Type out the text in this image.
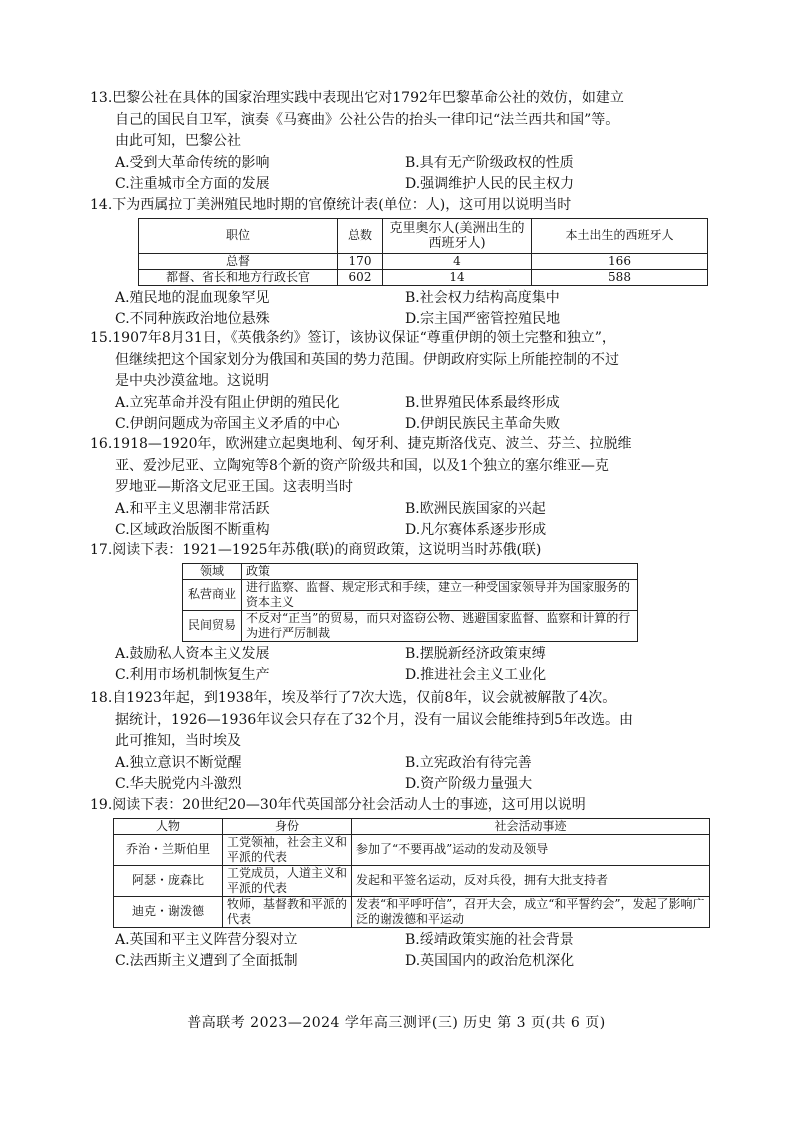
13.巴黎公社在具体的国家治理实践中表现出它对1792年巴黎革命公社的效仿，如建立
自己的国民自卫军，演奏《马赛曲》公社公告的抬头一律印记“法兰西共和国”等。
由此可知，巴黎公社
A.受到大革命传统的影响	B.具有无产阶级政权的性质
C.注重城市全方面的发展	D.强调维护人民的民主权力
14.下为西属拉丁美洲殖民地时期的官僚统计表(单位：人)，这可用以说明当时
职位	总数	克里奥尔人(美洲出生的西班牙人)	本土出生的西班牙人
总督	170	4	166
都督、省长和地方行政长官	602	14	588
A.殖民地的混血现象罕见	B.社会权力结构高度集中
C.不同种族政治地位悬殊	D.宗主国严密管控殖民地
15.1907年8月31日，《英俄条约》签订，该协议保证“尊重伊朗的领土完整和独立”，
但继续把这个国家划分为俄国和英国的势力范围。伊朗政府实际上所能控制的不过
是中央沙漠盆地。这说明
A.立宪革命并没有阻止伊朗的殖民化	B.世界殖民体系最终形成
C.伊朗问题成为帝国主义矛盾的中心	D.伊朗民族民主革命失败
16.1918—1920年，欧洲建立起奥地利、匈牙利、捷克斯洛伐克、波兰、芬兰、拉脱维
亚、爱沙尼亚、立陶宛等8个新的资产阶级共和国，以及1个独立的塞尔维亚—克
罗地亚—斯洛文尼亚王国。这表明当时
A.和平主义思潮非常活跃	B.欧洲民族国家的兴起
C.区域政治版图不断重构	D.凡尔赛体系逐步形成
17.阅读下表：1921—1925年苏俄(联)的商贸政策，这说明当时苏俄(联)
领域	政策
私营商业	进行监察、监督、规定形式和手续，建立一种受国家领导并为国家服务的资本主义
民间贸易	不反对“正当”的贸易，而只对盗窃公物、逃避国家监督、监察和计算的行为进行严厉制裁
A.鼓励私人资本主义发展	B.摆脱新经济政策束缚
C.利用市场机制恢复生产	D.推进社会主义工业化
18.自1923年起，到1938年，埃及举行了7次大选，仅前8年，议会就被解散了4次。
据统计，1926—1936年议会只存在了32个月，没有一届议会能维持到5年改选。由
此可推知，当时埃及
A.独立意识不断觉醒	B.立宪政治有待完善
C.华夫脱党内斗激烈	D.资产阶级力量强大
19.阅读下表：20世纪20—30年代英国部分社会活动人士的事迹，这可用以说明
人物	身份	社会活动事迹
乔治・兰斯伯里	工党领袖，社会主义和平派的代表	参加了“不要再战”运动的发动及领导
阿瑟・庞森比	工党成员，人道主义和平派的代表	发起和平签名运动，反对兵役，拥有大批支持者
迪克・谢泼德	牧师，基督教和平派的代表	发表“和平呼吁信”，召开大会，成立“和平誓约会”，发起了影响广泛的谢泼德和平运动
A.英国和平主义阵营分裂对立	B.绥靖政策实施的社会背景
C.法西斯主义遭到了全面抵制	D.英国国内的政治危机深化
普高联考 2023—2024 学年高三测评(三) 历史 第 3 页(共 6 页)
